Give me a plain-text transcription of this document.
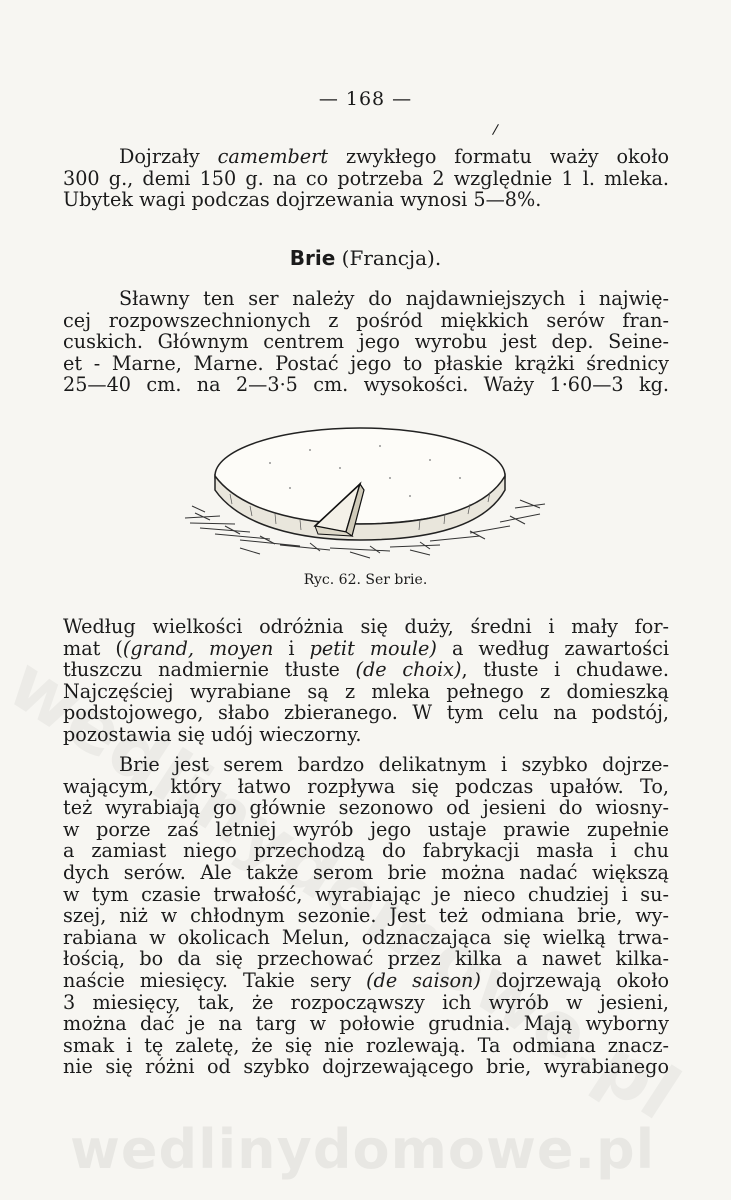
— 168 —
/
Dojrzały camembert zwykłego formatu waży około
300 g., demi 150 g. na co potrzeba 2 względnie 1 l. mleka.
Ubytek wagi podczas dojrzewania wynosi 5—8%.
Brie (Francja).
Sławny ten ser należy do najdawniejszych i najwię-
cej rozpowszechnionych z pośród miękkich serów fran-
cuskich. Głównym centrem jego wyrobu jest dep. Seine-
et - Marne, Marne. Postać jego to płaskie krążki średnicy
25—40 cm. na 2—3·5 cm. wysokości. Waży 1·60—3 kg.
Ryc. 62. Ser brie.
Według wielkości odróżnia się duży, średni i mały for-
mat ((grand, moyen i petit moule) a według zawartości
tłuszczu nadmiernie tłuste (de choix), tłuste i chudawe.
Najczęściej wyrabiane są z mleka pełnego z domieszką
podstojowego, słabo zbieranego. W tym celu na podstój,
pozostawia się udój wieczorny.
Brie jest serem bardzo delikatnym i szybko dojrze-
wającym, który łatwo rozpływa się podczas upałów. To,
też wyrabiają go głównie sezonowo od jesieni do wiosny-
w porze zaś letniej wyrób jego ustaje prawie zupełnie
a zamiast niego przechodzą do fabrykacji masła i chu
dych serów. Ale także serom brie można nadać większą
w tym czasie trwałość, wyrabiając je nieco chudziej i su-
szej, niż w chłodnym sezonie. Jest też odmiana brie, wy-
rabiana w okolicach Melun, odznaczająca się wielką trwa-
łością, bo da się przechować przez kilka a nawet kilka-
naście miesięcy. Takie sery (de saison) dojrzewają około
3 miesięcy, tak, że rozpocząwszy ich wyrób w jesieni,
można dać je na targ w połowie grudnia. Mają wyborny
smak i tę zaletę, że się nie rozlewają. Ta odmiana znacz-
nie się różni od szybko dojrzewającego brie, wyrabianego
wedlinydomowe.pl
